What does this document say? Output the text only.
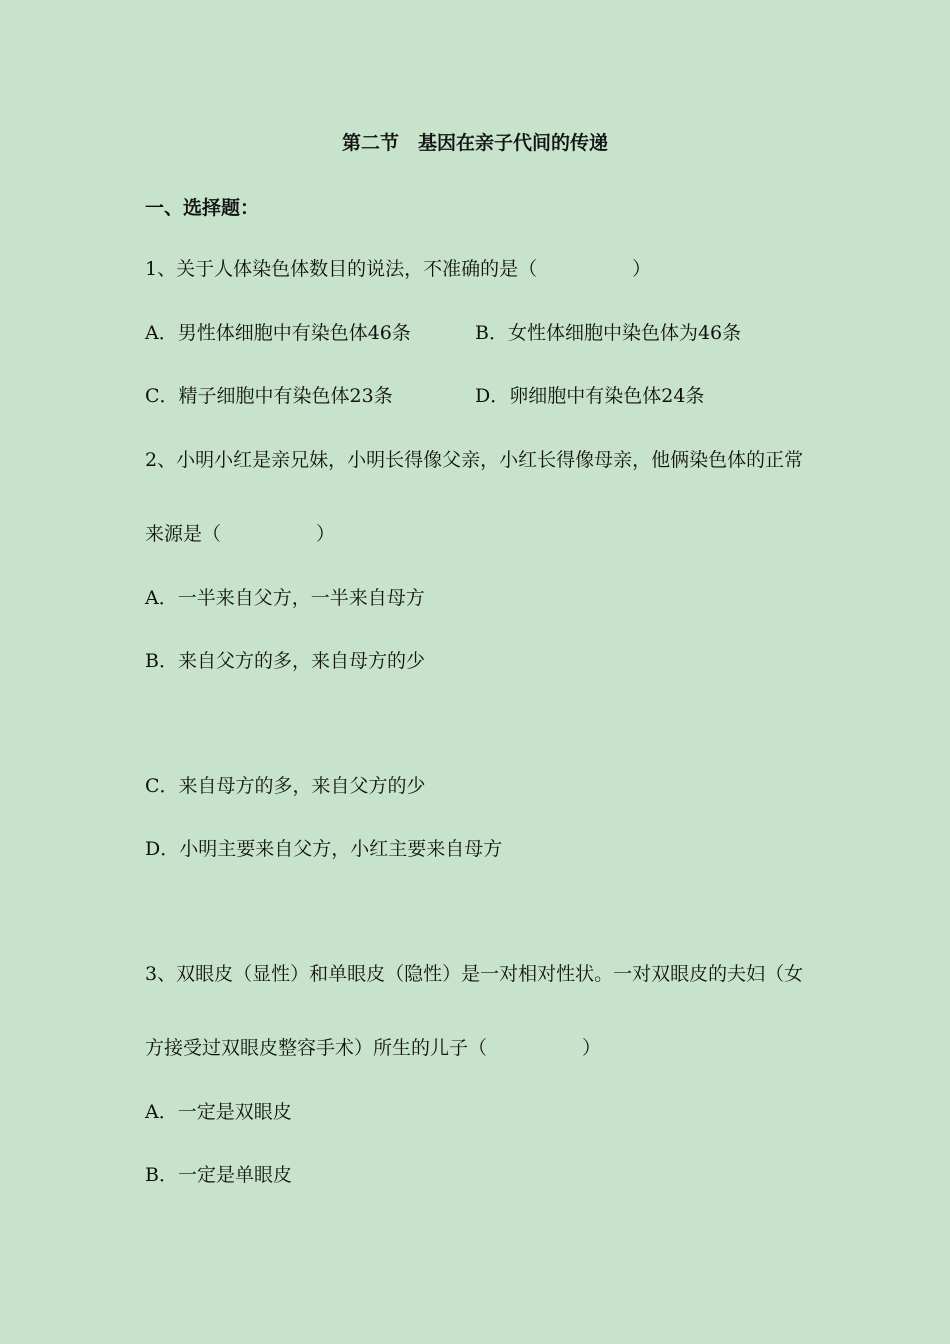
第二节　基因在亲子代间的传递
一、选择题：
1、关于人体染色体数目的说法，不准确的是（　　　　　）
A．男性体细胞中有染色体46条	B．女性体细胞中染色体为46条
C．精子细胞中有染色体23条	D．卵细胞中有染色体24条
2、小明小红是亲兄妹，小明长得像父亲，小红长得像母亲，他俩染色体的正常
来源是（　　　　　）
A．一半来自父方，一半来自母方
B．来自父方的多，来自母方的少
C．来自母方的多，来自父方的少
D．小明主要来自父方，小红主要来自母方
3、双眼皮（显性）和单眼皮（隐性）是一对相对性状。一对双眼皮的夫妇（女
方接受过双眼皮整容手术）所生的儿子（　　　　　）
A．一定是双眼皮
B．一定是单眼皮
